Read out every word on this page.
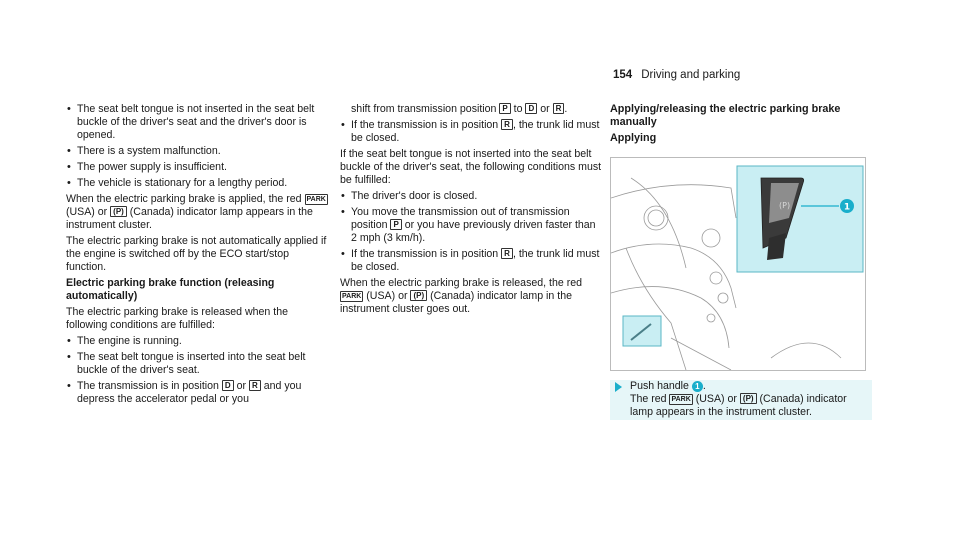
154 Driving and parking
• The seat belt tongue is not inserted in the seat belt buckle of the driver's seat and the driver's door is opened.
• There is a system malfunction.
• The power supply is insufficient.
• The vehicle is stationary for a lengthy period.

When the electric parking brake is applied, the red PARK (USA) or (P) (Canada) indicator lamp appears in the instrument cluster.

The electric parking brake is not automatically applied if the engine is switched off by the ECO start/stop function.

Electric parking brake function (releasing automatically)

The electric parking brake is released when the following conditions are fulfilled:

• The engine is running.
• The seat belt tongue is inserted into the seat belt buckle of the driver's seat.
• The transmission is in position D or R and you depress the accelerator pedal or you

shift from transmission position P to D or R .

• If the transmission is in position R , the trunk lid must be closed.

If the seat belt tongue is not inserted into the seat belt buckle of the driver's seat, the following conditions must be fulfilled:

• The driver's door is closed.
• You move the transmission out of transmission position P or you have previously driven faster than 2 mph (3 km/h).
• If the transmission is in position R , the trunk lid must be closed.

When the electric parking brake is released, the red PARK (USA) or (P) (Canada) indicator lamp in the instrument cluster goes out.

Applying/releasing the electric parking brake manually
Applying
(P)	1
Push handle 1 .
The red PARK (USA) or (P) (Canada) indicator lamp appears in the instrument cluster.
